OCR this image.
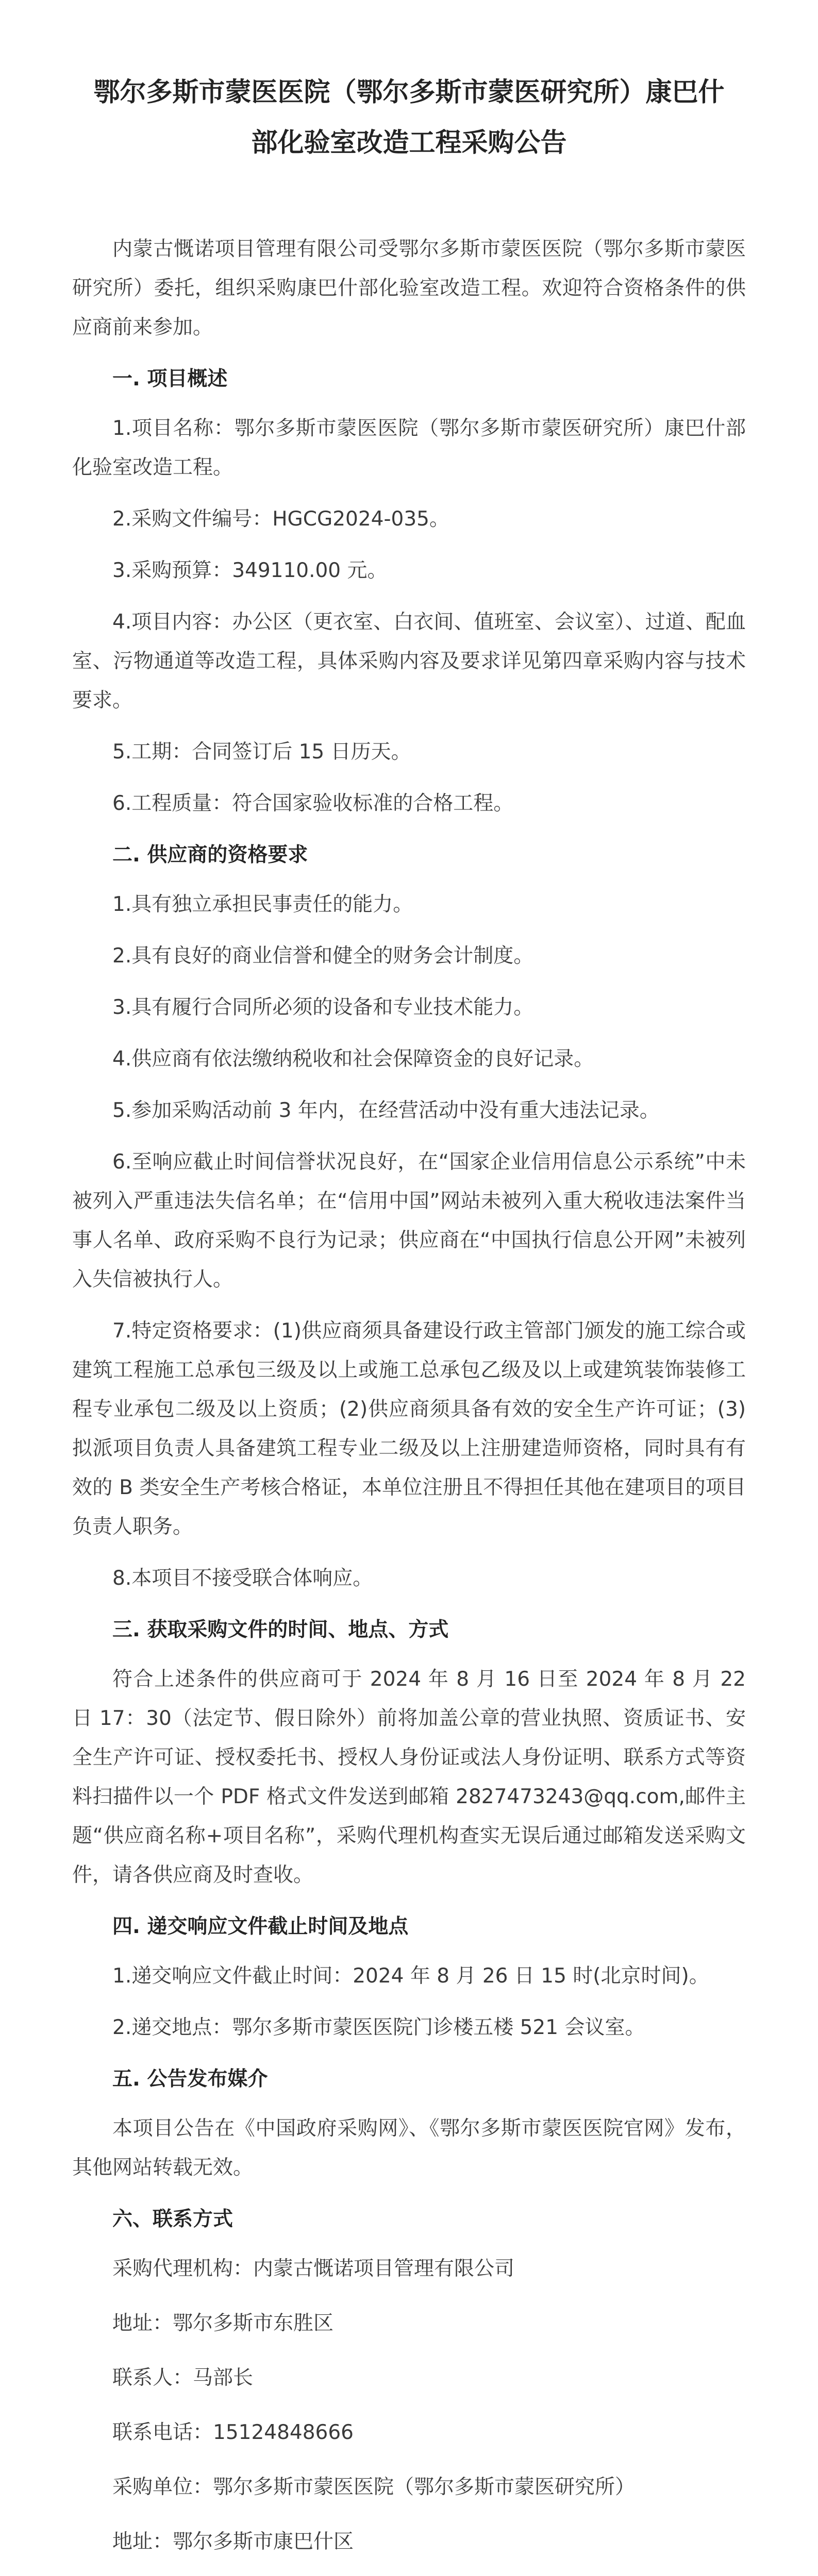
鄂尔多斯市蒙医医院（鄂尔多斯市蒙医研究所）康巴什部化验室改造工程采购公告

内蒙古慨诺项目管理有限公司受鄂尔多斯市蒙医医院（鄂尔多斯市蒙医研究所）委托，组织采购康巴什部化验室改造工程。欢迎符合资格条件的供应商前来参加。

一. 项目概述

1.项目名称：鄂尔多斯市蒙医医院（鄂尔多斯市蒙医研究所）康巴什部化验室改造工程。

2.采购文件编号：HGCG2024-035。

3.采购预算：349110.00 元。

4.项目内容：办公区（更衣室、白衣间、值班室、会议室）、过道、配血室、污物通道等改造工程，具体采购内容及要求详见第四章采购内容与技术要求。

5.工期：合同签订后 15 日历天。

6.工程质量：符合国家验收标准的合格工程。

二. 供应商的资格要求

1.具有独立承担民事责任的能力。

2.具有良好的商业信誉和健全的财务会计制度。

3.具有履行合同所必须的设备和专业技术能力。

4.供应商有依法缴纳税收和社会保障资金的良好记录。

5.参加采购活动前 3 年内，在经营活动中没有重大违法记录。

6.至响应截止时间信誉状况良好，在“国家企业信用信息公示系统”中未被列入严重违法失信名单；在“信用中国”网站未被列入重大税收违法案件当事人名单、政府采购不良行为记录；供应商在“中国执行信息公开网”未被列入失信被执行人。

7.特定资格要求：(1)供应商须具备建设行政主管部门颁发的施工综合或建筑工程施工总承包三级及以上或施工总承包乙级及以上或建筑装饰装修工程专业承包二级及以上资质；(2)供应商须具备有效的安全生产许可证；(3)拟派项目负责人具备建筑工程专业二级及以上注册建造师资格，同时具有有效的 B 类安全生产考核合格证，本单位注册且不得担任其他在建项目的项目负责人职务。

8.本项目不接受联合体响应。

三. 获取采购文件的时间、地点、方式

符合上述条件的供应商可于 2024 年 8 月 16 日至 2024 年 8 月 22 日 17：30（法定节、假日除外）前将加盖公章的营业执照、资质证书、安全生产许可证、授权委托书、授权人身份证或法人身份证明、联系方式等资料扫描件以一个 PDF 格式文件发送到邮箱 2827473243@qq.com,邮件主题“供应商名称+项目名称”，采购代理机构查实无误后通过邮箱发送采购文件，请各供应商及时查收。

四. 递交响应文件截止时间及地点

1.递交响应文件截止时间：2024 年 8 月 26 日 15 时(北京时间)。

2.递交地点：鄂尔多斯市蒙医医院门诊楼五楼 521 会议室。

五. 公告发布媒介

本项目公告在《中国政府采购网》、《鄂尔多斯市蒙医医院官网》发布，其他网站转载无效。

六、联系方式

采购代理机构：内蒙古慨诺项目管理有限公司

地址：鄂尔多斯市东胜区

联系人：马部长

联系电话：15124848666

采购单位：鄂尔多斯市蒙医医院（鄂尔多斯市蒙医研究所）

地址：鄂尔多斯市康巴什区
